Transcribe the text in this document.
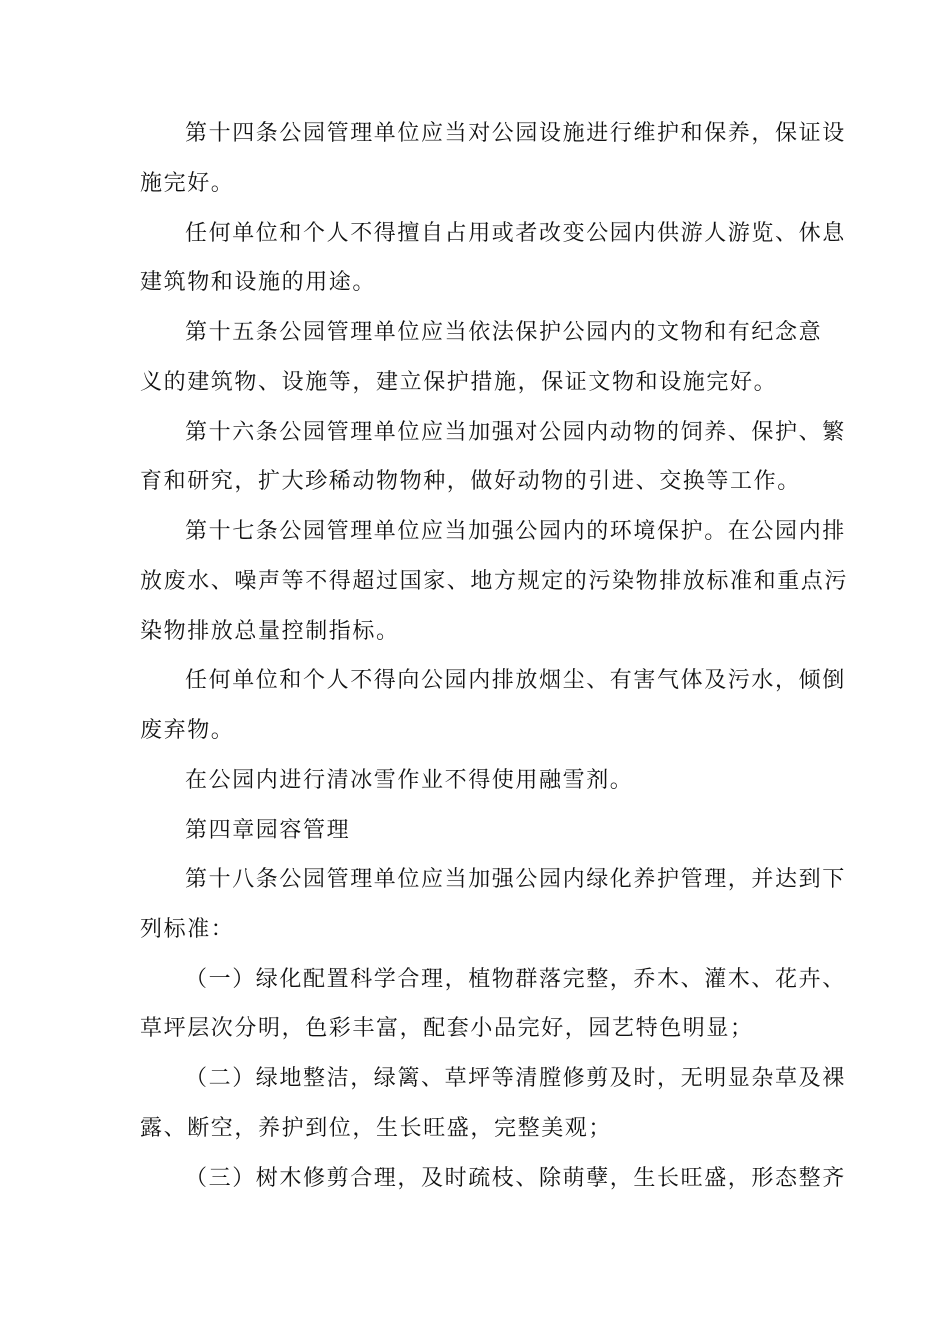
第十四条公园管理单位应当对公园设施进行维护和保养，保证设
施完好。
任何单位和个人不得擅自占用或者改变公园内供游人游览、休息
建筑物和设施的用途。
第十五条公园管理单位应当依法保护公园内的文物和有纪念意
义的建筑物、设施等，建立保护措施，保证文物和设施完好。
第十六条公园管理单位应当加强对公园内动物的饲养、保护、繁
育和研究，扩大珍稀动物物种，做好动物的引进、交换等工作。
第十七条公园管理单位应当加强公园内的环境保护。在公园内排
放废水、噪声等不得超过国家、地方规定的污染物排放标准和重点污
染物排放总量控制指标。
任何单位和个人不得向公园内排放烟尘、有害气体及污水，倾倒
废弃物。
在公园内进行清冰雪作业不得使用融雪剂。
第四章园容管理
第十八条公园管理单位应当加强公园内绿化养护管理，并达到下
列标准：
（一）绿化配置科学合理，植物群落完整，乔木、灌木、花卉、
草坪层次分明，色彩丰富，配套小品完好，园艺特色明显；
（二）绿地整洁，绿篱、草坪等清膛修剪及时，无明显杂草及裸
露、断空，养护到位，生长旺盛，完整美观；
（三）树木修剪合理，及时疏枝、除萌孽，生长旺盛，形态整齐
